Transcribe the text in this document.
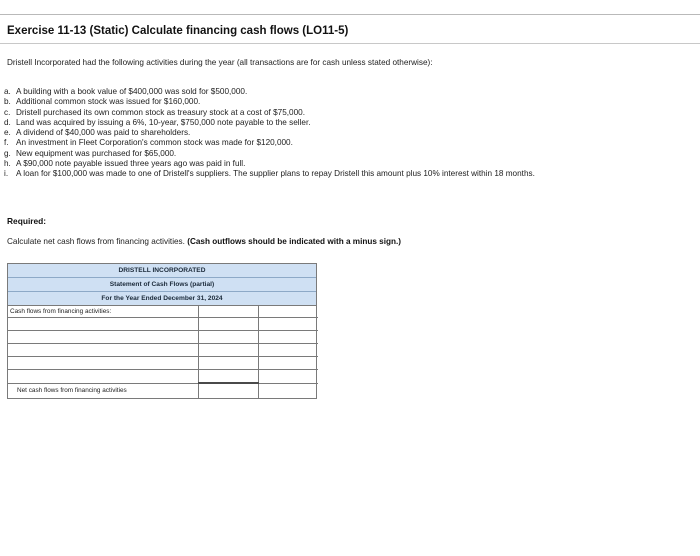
Exercise 11-13 (Static) Calculate financing cash flows (LO11-5)
Dristell Incorporated had the following activities during the year (all transactions are for cash unless stated otherwise):
a. A building with a book value of $400,000 was sold for $500,000.
b. Additional common stock was issued for $160,000.
c. Dristell purchased its own common stock as treasury stock at a cost of $75,000.
d. Land was acquired by issuing a 6%, 10-year, $750,000 note payable to the seller.
e. A dividend of $40,000 was paid to shareholders.
f. An investment in Fleet Corporation's common stock was made for $120,000.
g. New equipment was purchased for $65,000.
h. A $90,000 note payable issued three years ago was paid in full.
i. A loan for $100,000 was made to one of Dristell's suppliers. The supplier plans to repay Dristell this amount plus 10% interest within 18 months.
Required:
Calculate net cash flows from financing activities. (Cash outflows should be indicated with a minus sign.)
DRISTELL INCORPORATED
Statement of Cash Flows (partial)
For the Year Ended December 31, 2024
Cash flows from financing activities:		

Net cash flows from financing activities		
